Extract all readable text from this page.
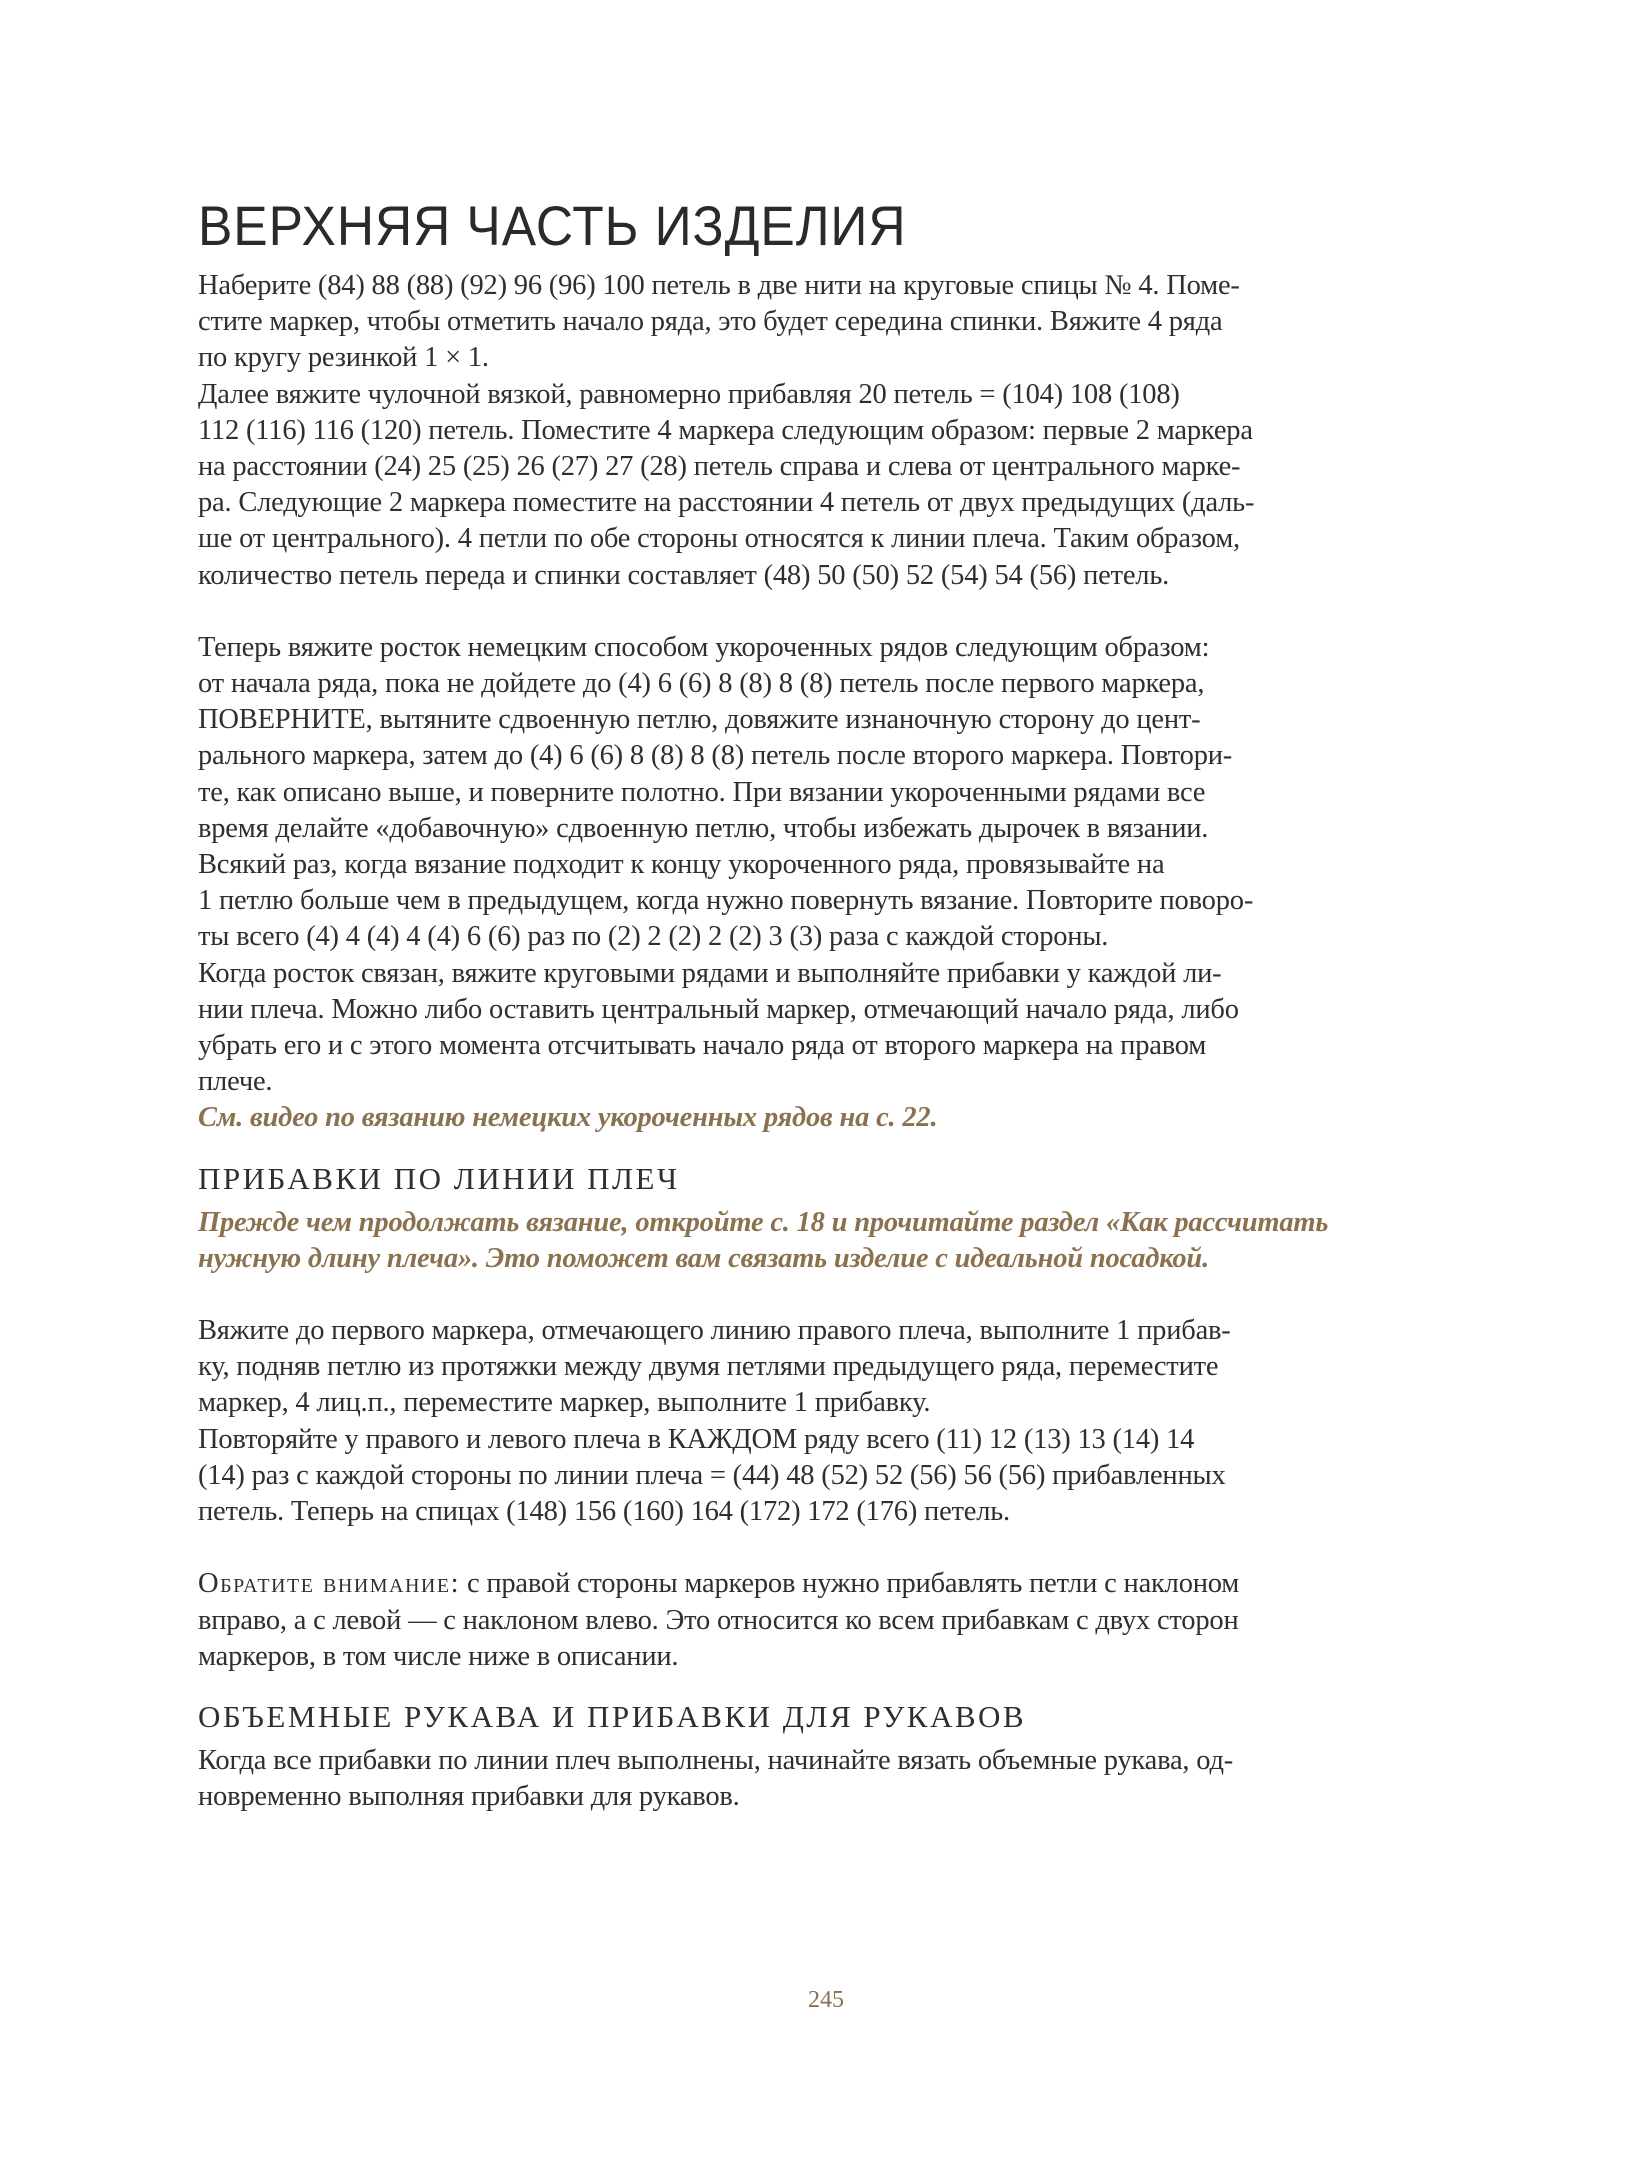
ВЕРХНЯЯ ЧАСТЬ ИЗДЕЛИЯ
Наберите (84) 88 (88) (92) 96 (96) 100 петель в две нити на круговые спицы № 4. Поме-
стите маркер, чтобы отметить начало ряда, это будет середина спинки. Вяжите 4 ряда
по кругу резинкой 1 × 1.
Далее вяжите чулочной вязкой, равномерно прибавляя 20 петель = (104) 108 (108)
112 (116) 116 (120) петель. Поместите 4 маркера следующим образом: первые 2 маркера
на расстоянии (24) 25 (25) 26 (27) 27 (28) петель справа и слева от центрального марке-
ра. Следующие 2 маркера поместите на расстоянии 4 петель от двух предыдущих (даль-
ше от центрального). 4 петли по обе стороны относятся к линии плеча. Таким образом,
количество петель переда и спинки составляет (48) 50 (50) 52 (54) 54 (56) петель.
Теперь вяжите росток немецким способом укороченных рядов следующим образом:
от начала ряда, пока не дойдете до (4) 6 (6) 8 (8) 8 (8) петель после первого маркера,
ПОВЕРНИТЕ, вытяните сдвоенную петлю, довяжите изнаночную сторону до цент-
рального маркера, затем до (4) 6 (6) 8 (8) 8 (8) петель после второго маркера. Повтори-
те, как описано выше, и поверните полотно. При вязании укороченными рядами все
время делайте «добавочную» сдвоенную петлю, чтобы избежать дырочек в вязании.
Всякий раз, когда вязание подходит к концу укороченного ряда, провязывайте на
1 петлю больше чем в предыдущем, когда нужно повернуть вязание. Повторите поворо-
ты всего (4) 4 (4) 4 (4) 6 (6) раз по (2) 2 (2) 2 (2) 3 (3) раза с каждой стороны.
Когда росток связан, вяжите круговыми рядами и выполняйте прибавки у каждой ли-
нии плеча. Можно либо оставить центральный маркер, отмечающий начало ряда, либо
убрать его и с этого момента отсчитывать начало ряда от второго маркера на правом
плече.
См. видео по вязанию немецких укороченных рядов на с. 22.
ПРИБАВКИ ПО ЛИНИИ ПЛЕЧ
Прежде чем продолжать вязание, откройте с. 18 и прочитайте раздел «Как рассчитать
нужную длину плеча». Это поможет вам связать изделие с идеальной посадкой.
Вяжите до первого маркера, отмечающего линию правого плеча, выполните 1 прибав-
ку, подняв петлю из протяжки между двумя петлями предыдущего ряда, переместите
маркер, 4 лиц.п., переместите маркер, выполните 1 прибавку.
Повторяйте у правого и левого плеча в КАЖДОМ ряду всего (11) 12 (13) 13 (14) 14
(14) раз с каждой стороны по линии плеча = (44) 48 (52) 52 (56) 56 (56) прибавленных
петель. Теперь на спицах (148) 156 (160) 164 (172) 172 (176) петель.
Обратите внимание: с правой стороны маркеров нужно прибавлять петли с наклоном
вправо, а с левой — с наклоном влево. Это относится ко всем прибавкам с двух сторон
маркеров, в том числе ниже в описании.
ОБЪЕМНЫЕ РУКАВА И ПРИБАВКИ ДЛЯ РУКАВОВ
Когда все прибавки по линии плеч выполнены, начинайте вязать объемные рукава, од-
новременно выполняя прибавки для рукавов.
245
